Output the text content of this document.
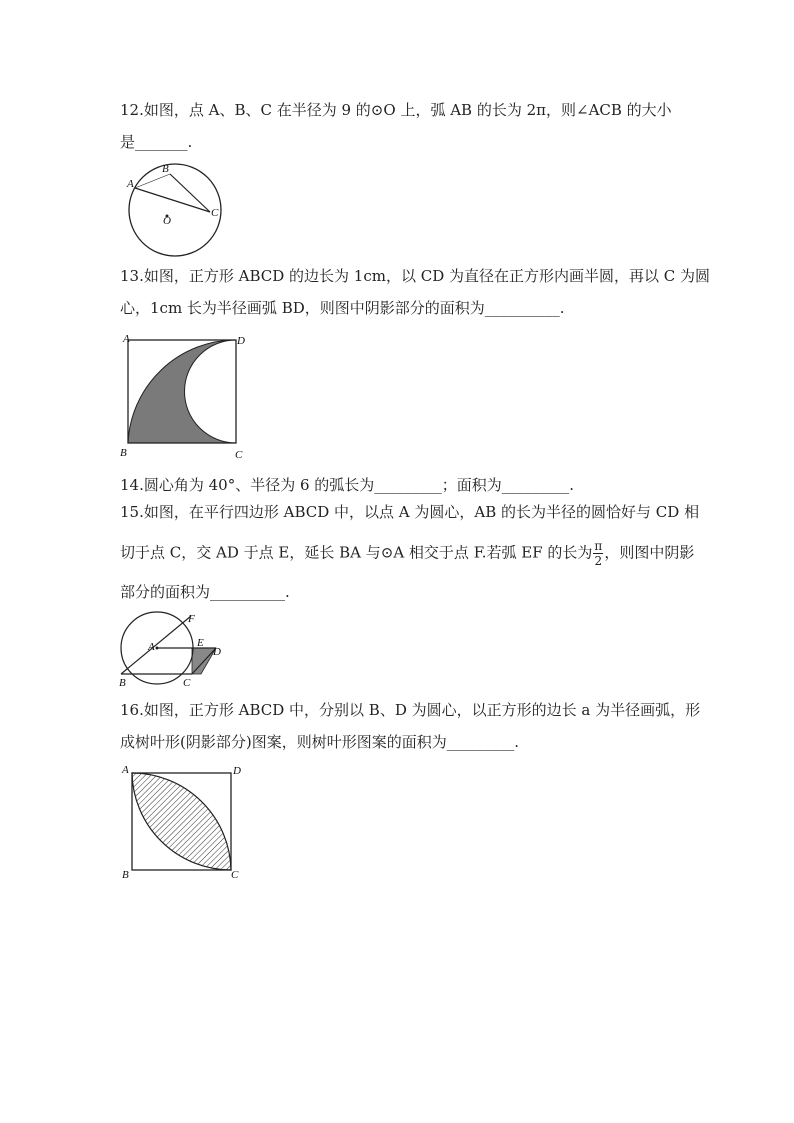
12.如图，点 A、B、C 在半径为 9 的⊙O 上，弧 AB 的长为 2π，则∠ACB 的大小
是_______.
A
B
C
O
13.如图，正方形 ABCD 的边长为 1cm，以 CD 为直径在正方形内画半圆，再以 C 为圆
心，1cm 长为半径画弧 BD，则图中阴影部分的面积为__________.
A	D
B	C
14.圆心角为 40°、半径为 6 的弧长为_________；面积为_________.
15.如图，在平行四边形 ABCD 中，以点 A 为圆心，AB 的长为半径的圆恰好与 CD 相
切于点 C，交 AD 于点 E，延长 BA 与⊙A 相交于点 F.若弧 EF 的长为 $\frac{\pi}{2}$ ，则图中阴影
部分的面积为__________.
A
F
E
D
B	C
16.如图，正方形 ABCD 中，分别以 B、D 为圆心，以正方形的边长 a 为半径画弧，形
成树叶形(阴影部分)图案，则树叶形图案的面积为_________.
A	D
B	C
